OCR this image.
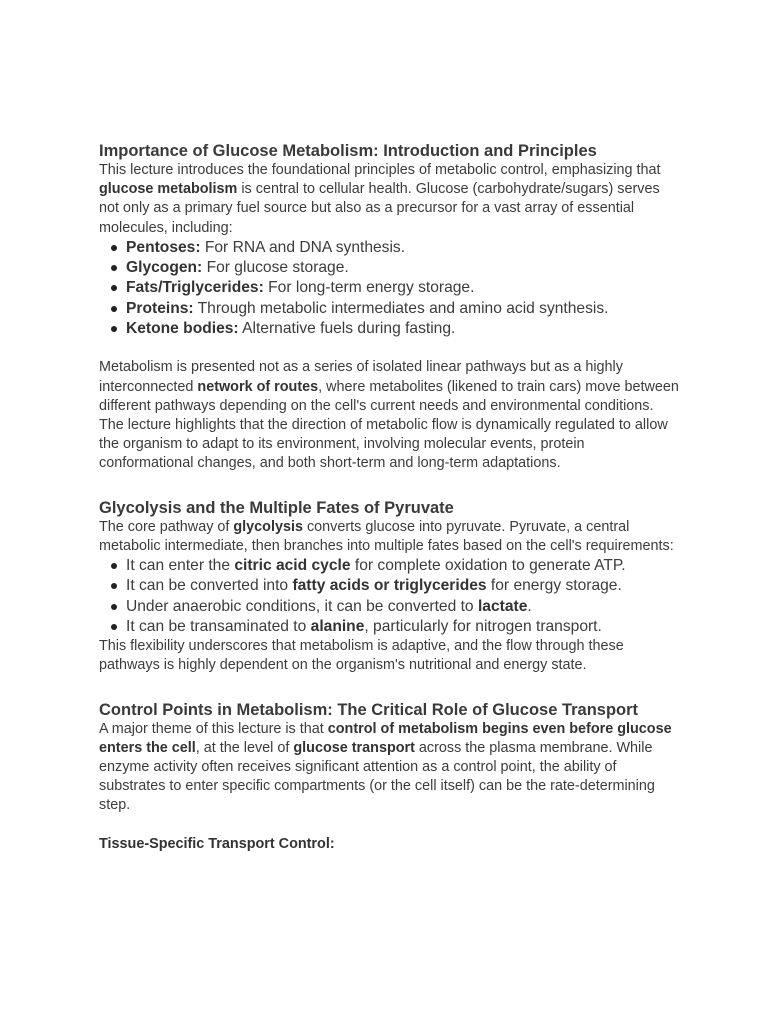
Importance of Glucose Metabolism: Introduction and Principles

This lecture introduces the foundational principles of metabolic control, emphasizing that glucose metabolism is central to cellular health. Glucose (carbohydrate/sugars) serves not only as a primary fuel source but also as a precursor for a vast array of essential molecules, including:

Pentoses: For RNA and DNA synthesis.
Glycogen: For glucose storage.
Fats/Triglycerides: For long-term energy storage.
Proteins: Through metabolic intermediates and amino acid synthesis.
Ketone bodies: Alternative fuels during fasting.

Metabolism is presented not as a series of isolated linear pathways but as a highly interconnected network of routes, where metabolites (likened to train cars) move between different pathways depending on the cell's current needs and environmental conditions. The lecture highlights that the direction of metabolic flow is dynamically regulated to allow the organism to adapt to its environment, involving molecular events, protein conformational changes, and both short-term and long-term adaptations.

Glycolysis and the Multiple Fates of Pyruvate

The core pathway of glycolysis converts glucose into pyruvate. Pyruvate, a central metabolic intermediate, then branches into multiple fates based on the cell's requirements:

It can enter the citric acid cycle for complete oxidation to generate ATP.
It can be converted into fatty acids or triglycerides for energy storage.
Under anaerobic conditions, it can be converted to lactate.
It can be transaminated to alanine, particularly for nitrogen transport.

This flexibility underscores that metabolism is adaptive, and the flow through these pathways is highly dependent on the organism's nutritional and energy state.

Control Points in Metabolism: The Critical Role of Glucose Transport

A major theme of this lecture is that control of metabolism begins even before glucose enters the cell, at the level of glucose transport across the plasma membrane. While enzyme activity often receives significant attention as a control point, the ability of substrates to enter specific compartments (or the cell itself) can be the rate-determining step.

Tissue-Specific Transport Control:
